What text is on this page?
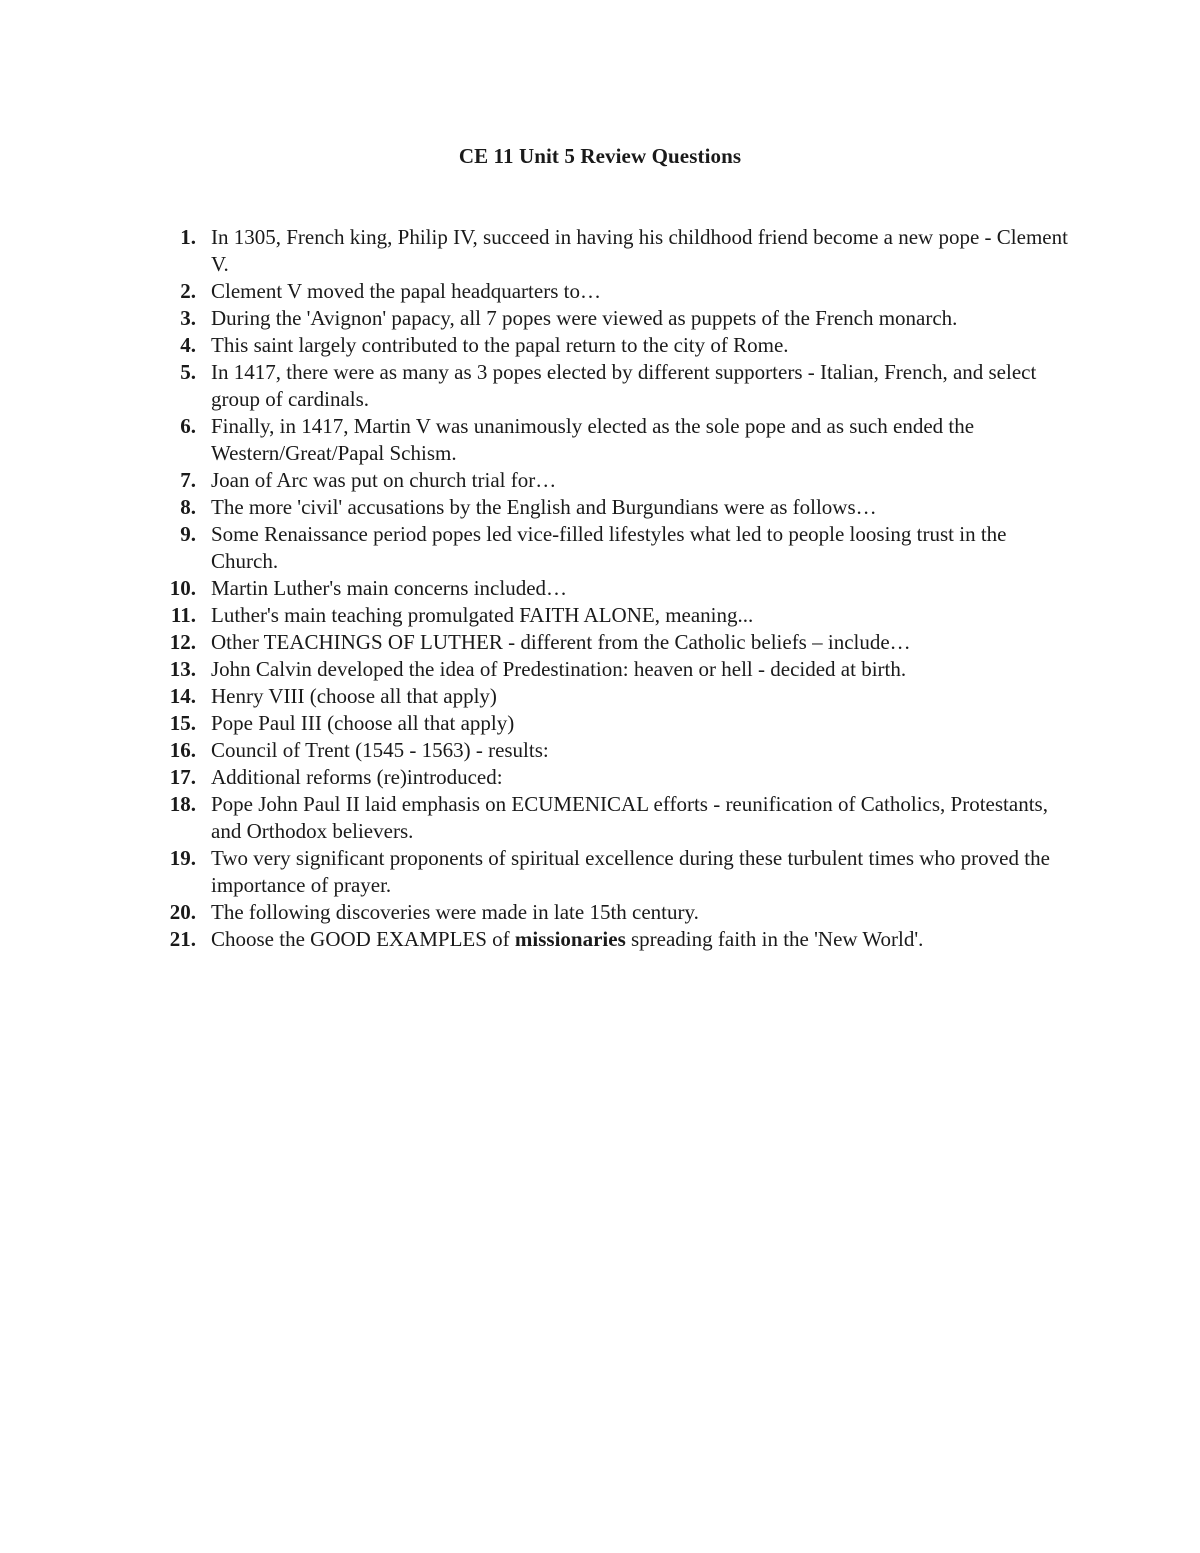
CE 11 Unit 5 Review Questions
1. In 1305, French king, Philip IV, succeed in having his childhood friend become a new pope - Clement V.
2. Clement V moved the papal headquarters to…
3. During the 'Avignon' papacy, all 7 popes were viewed as puppets of the French monarch.
4. This saint largely contributed to the papal return to the city of Rome.
5. In 1417, there were as many as 3 popes elected by different supporters - Italian, French, and select group of cardinals.
6. Finally, in 1417, Martin V was unanimously elected as the sole pope and as such ended the Western/Great/Papal Schism.
7. Joan of Arc was put on church trial for…
8. The more 'civil' accusations by the English and Burgundians were as follows…
9. Some Renaissance period popes led vice-filled lifestyles what led to people loosing trust in the Church.
10. Martin Luther's main concerns included…
11. Luther's main teaching promulgated FAITH ALONE, meaning...
12. Other TEACHINGS OF LUTHER - different from the Catholic beliefs – include…
13. John Calvin developed the idea of Predestination: heaven or hell - decided at birth.
14. Henry VIII (choose all that apply)
15. Pope Paul III (choose all that apply)
16. Council of Trent (1545 - 1563) - results:
17. Additional reforms (re)introduced:
18. Pope John Paul II laid emphasis on ECUMENICAL efforts - reunification of Catholics, Protestants, and Orthodox believers.
19. Two very significant proponents of spiritual excellence during these turbulent times who proved the importance of prayer.
20. The following discoveries were made in late 15th century.
21. Choose the GOOD EXAMPLES of missionaries spreading faith in the 'New World'.
